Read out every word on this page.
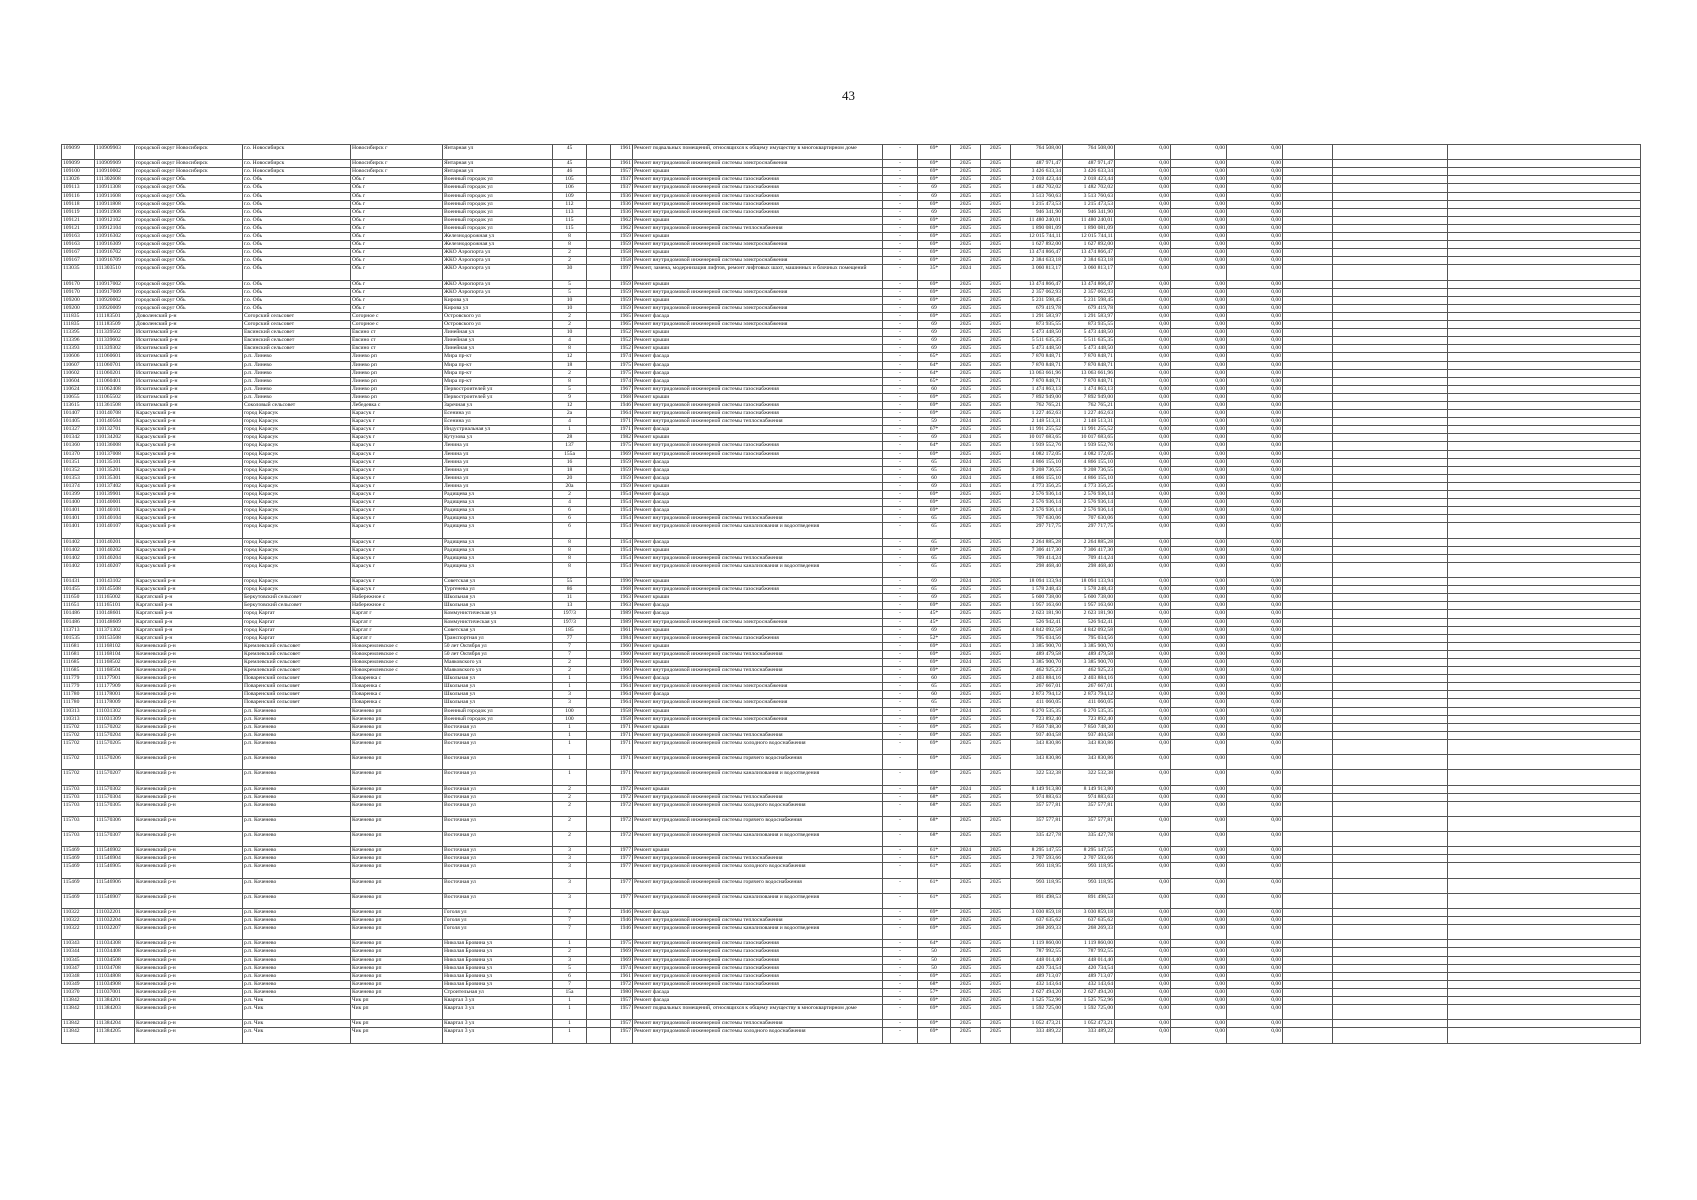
43
109099	110909903	городской округ Новосибирск	г.о. Новосибирск	Новосибирск г	Янтарная ул	45		1961	Ремонт подвальных помещений, относящихся к общему имуществу в многоквартирном доме	-	69*	2025	2025	764 508,00	764 508,00	0,00	0,00	0,00			
109099	110909909	городской округ Новосибирск	г.о. Новосибирск	Новосибирск г	Янтарная ул	45		1961	Ремонт внутридомовой инженерной системы электроснабжения	-	69*	2025	2025	487 971,47	487 971,47	0,00	0,00	0,00			
109100	110910002	городской округ Новосибирск	г.о. Новосибирск	Новосибирск г	Янтарная ул	46		1957	Ремонт крыши	-	69*	2025	2025	3 426 633,34	3 426 633,34	0,00	0,00	0,00			
113026	111302608	городской округ Обь	г.о. Обь	Обь г	Военный городок ул	105		1937	Ремонт внутридомовой инженерной системы газоснабжения	-	69*	2025	2025	2 018 423,44	2 018 423,44	0,00	0,00	0,00			
109113	110911308	городской округ Обь	г.о. Обь	Обь г	Военный городок ул	106		1937	Ремонт внутридомовой инженерной системы газоснабжения	-	69	2025	2025	1 482 702,02	1 482 702,02	0,00	0,00	0,00			
109116	110911608	городской округ Обь	г.о. Обь	Обь г	Военный городок ул	109		1936	Ремонт внутридомовой инженерной системы газоснабжения	-	69	2025	2025	3 513 760,63	3 513 760,63	0,00	0,00	0,00			
109118	110911808	городской округ Обь	г.о. Обь	Обь г	Военный городок ул	112		1936	Ремонт внутридомовой инженерной системы газоснабжения	-	69*	2025	2025	1 215 473,53	1 215 473,53	0,00	0,00	0,00			
109119	110911908	городской округ Обь	г.о. Обь	Обь г	Военный городок ул	113		1936	Ремонт внутридомовой инженерной системы газоснабжения	-	69	2025	2025	946 341,90	946 341,90	0,00	0,00	0,00			
109121	110912102	городской округ Обь	г.о. Обь	Обь г	Военный городок ул	115		1962	Ремонт крыши	-	69*	2025	2025	11 480 240,01	11 480 240,01	0,00	0,00	0,00			
109121	110912104	городской округ Обь	г.о. Обь	Обь г	Военный городок ул	115		1962	Ремонт внутридомовой инженерной системы теплоснабжения	-	69*	2025	2025	1 890 081,09	1 890 081,09	0,00	0,00	0,00			
109163	110916302	городской округ Обь	г.о. Обь	Обь г	Железнодорожная ул	8		1959	Ремонт крыши	-	69*	2025	2025	12 015 744,11	12 015 744,11	0,00	0,00	0,00			
109163	110916309	городской округ Обь	г.о. Обь	Обь г	Железнодорожная ул	8		1959	Ремонт внутридомовой инженерной системы электроснабжения	-	69*	2025	2025	1 627 892,00	1 627 892,00	0,00	0,00	0,00			
109167	110916702	городской округ Обь	г.о. Обь	Обь г	ЖКО Аэропорта ул	2		1958	Ремонт крыши	-	69*	2025	2025	13 474 866,47	13 474 866,47	0,00	0,00	0,00			
109167	110916709	городской округ Обь	г.о. Обь	Обь г	ЖКО Аэропорта ул	2		1958	Ремонт внутридомовой инженерной системы электроснабжения	-	69*	2025	2025	2 384 633,18	2 384 633,18	0,00	0,00	0,00			
113035	111303510	городской округ Обь	г.о. Обь	Обь г	ЖКО Аэропорта ул	30		1997	Ремонт, замена, модернизация лифтов, ремонт лифтовых шахт, машинных и блочных помещений	-	35*	2024	2025	3 060 813,17	3 060 813,17	0,00	0,00	0,00			
109170	110917002	городской округ Обь	г.о. Обь	Обь г	ЖКО Аэропорта ул	5		1959	Ремонт крыши	-	69*	2025	2025	13 474 866,47	13 474 866,47	0,00	0,00	0,00			
109170	110917009	городской округ Обь	г.о. Обь	Обь г	ЖКО Аэропорта ул	5		1959	Ремонт внутридомовой инженерной системы электроснабжения	-	69*	2025	2025	2 357 062,93	2 357 062,93	0,00	0,00	0,00			
109200	110920002	городской округ Обь	г.о. Обь	Обь г	Кирова ул	10		1959	Ремонт крыши	-	69*	2025	2025	5 231 598,45	5 231 598,45	0,00	0,00	0,00			
109200	110920009	городской округ Обь	г.о. Обь	Обь г	Кирова ул	10		1959	Ремонт внутридомовой инженерной системы электроснабжения	-	69	2025	2025	679 419,78	679 419,78	0,00	0,00	0,00			
111835	111183501	Доволенский р-н	Согорский сельсовет	Согорное с	Островского ул	2		1965	Ремонт фасада	-	69*	2025	2025	1 291 583,97	1 291 583,97	0,00	0,00	0,00			
111835	111183509	Доволенский р-н	Согорский сельсовет	Согорное с	Островского ул	2		1965	Ремонт внутридомовой инженерной системы электроснабжения	-	69	2025	2025	873 935,55	873 935,55	0,00	0,00	0,00			
113395	111339502	Искитимский р-н	Евсинский сельсовет	Евсино ст	Линейная ул	10		1952	Ремонт крыши	-	69	2025	2025	5 473 448,50	5 473 448,50	0,00	0,00	0,00			
113396	111339602	Искитимский р-н	Евсинский сельсовет	Евсино ст	Линейная ул	4		1952	Ремонт крыши	-	69	2025	2025	5 511 635,35	5 511 635,35	0,00	0,00	0,00			
113393	111339302	Искитимский р-н	Евсинский сельсовет	Евсино ст	Линейная ул	8		1952	Ремонт крыши	-	69	2025	2025	5 473 448,50	5 473 448,50	0,00	0,00	0,00			
110606	111060601	Искитимский р-н	р.п. Линево	Линево рп	Мира пр-кт	12		1974	Ремонт фасада	-	65*	2025	2025	7 870 848,71	7 870 848,71	0,00	0,00	0,00			
110607	111060701	Искитимский р-н	р.п. Линево	Линево рп	Мира пр-кт	18		1975	Ремонт фасада	-	64*	2025	2025	7 870 848,71	7 870 848,71	0,00	0,00	0,00			
110602	111060201	Искитимский р-н	р.п. Линево	Линево рп	Мира пр-кт	2		1975	Ремонт фасада	-	64*	2025	2025	13 063 661,96	13 063 661,96	0,00	0,00	0,00			
110604	111060401	Искитимский р-н	р.п. Линево	Линево рп	Мира пр-кт	8		1974	Ремонт фасада	-	65*	2025	2025	7 870 848,71	7 870 848,71	0,00	0,00	0,00			
110624	111062408	Искитимский р-н	р.п. Линево	Линево рп	Первостроителей ул	5		1967	Ремонт внутридомовой инженерной системы газоснабжения	-	60	2025	2025	1 474 863,13	1 474 863,13	0,00	0,00	0,00			
110655	111065502	Искитимский р-н	р.п. Линево	Линево рп	Первостроителей ул	9		1968	Ремонт крыши	-	69*	2025	2025	7 892 949,00	7 892 949,00	0,00	0,00	0,00			
113615	111361508	Искитимский р-н	Соколовый сельсовет	Лебедевка с	Заречная ул	12		1946	Ремонт внутридомовой инженерной системы газоснабжения	-	69*	2025	2025	762 765,21	762 765,21	0,00	0,00	0,00			
101407	110140708	Карасукский р-н	город Карасук	Карасук г	Есенина ул	2а		1964	Ремонт внутридомовой инженерной системы газоснабжения	-	69*	2025	2025	1 227 462,63	1 227 462,63	0,00	0,00	0,00			
101405	110140504	Карасукский р-н	город Карасук	Карасук г	Есенина ул	4		1971	Ремонт внутридомовой инженерной системы теплоснабжения	-	59	2024	2025	2 148 513,31	2 148 513,31	0,00	0,00	0,00			
101327	110132701	Карасукский р-н	город Карасук	Карасук г	Индустриальная ул	1		1971	Ремонт фасада	-	67*	2025	2025	11 991 255,52	11 991 255,52	0,00	0,00	0,00			
101342	110134202	Карасукский р-н	город Карасук	Карасук г	Кутузова ул	28		1982	Ремонт крыши	-	69	2024	2025	10 017 683,65	10 017 683,65	0,00	0,00	0,00			
101360	110136008	Карасукский р-н	город Карасук	Карасук г	Ленина ул	137		1975	Ремонт внутридомовой инженерной системы газоснабжения	-	64*	2025	2025	1 939 552,76	1 939 552,76	0,00	0,00	0,00			
101370	110137008	Карасукский р-н	город Карасук	Карасук г	Ленина ул	155а		1969	Ремонт внутридомовой инженерной системы газоснабжения	-	69*	2025	2025	4 082 172,05	4 082 172,05	0,00	0,00	0,00			
101351	110135101	Карасукский р-н	город Карасук	Карасук г	Ленина ул	16		1959	Ремонт фасада	-	65	2024	2025	4 866 155,10	4 866 155,10	0,00	0,00	0,00			
101352	110135201	Карасукский р-н	город Карасук	Карасук г	Ленина ул	18		1959	Ремонт фасада	-	65	2024	2025	9 208 736,55	9 208 736,55	0,00	0,00	0,00			
101353	110135301	Карасукский р-н	город Карасук	Карасук г	Ленина ул	20		1959	Ремонт фасада	-	60	2024	2025	4 866 155,10	4 866 155,10	0,00	0,00	0,00			
101374	110137402	Карасукский р-н	город Карасук	Карасук г	Ленина ул	20а		1959	Ремонт крыши	-	69	2024	2025	4 773 356,25	4 773 356,25	0,00	0,00	0,00			
101399	110139901	Карасукский р-н	город Карасук	Карасук г	Радищева ул	2		1954	Ремонт фасада	-	69*	2025	2025	2 576 936,14	2 576 936,14	0,00	0,00	0,00			
101400	110140001	Карасукский р-н	город Карасук	Карасук г	Радищева ул	4		1954	Ремонт фасада	-	69*	2025	2025	2 576 936,14	2 576 936,14	0,00	0,00	0,00			
101401	110140101	Карасукский р-н	город Карасук	Карасук г	Радищева ул	6		1954	Ремонт фасада	-	69*	2025	2025	2 576 936,14	2 576 936,14	0,00	0,00	0,00			
101401	110140104	Карасукский р-н	город Карасук	Карасук г	Радищева ул	6		1954	Ремонт внутридомовой инженерной системы теплоснабжения	-	65	2025	2025	707 630,06	707 630,06	0,00	0,00	0,00			
101401	110140107	Карасукский р-н	город Карасук	Карасук г	Радищева ул	6		1954	Ремонт внутридомовой инженерной системы канализования и водоотведения	-	65	2025	2025	297 717,75	297 717,75	0,00	0,00	0,00			
101402	110140201	Карасукский р-н	город Карасук	Карасук г	Радищева ул	8		1954	Ремонт фасада	-	65	2025	2025	2 264 885,28	2 264 885,28	0,00	0,00	0,00			
101402	110140202	Карасукский р-н	город Карасук	Карасук г	Радищева ул	8		1954	Ремонт крыши	-	69*	2025	2025	7 306 417,30	7 306 417,30	0,00	0,00	0,00			
101402	110140204	Карасукский р-н	город Карасук	Карасук г	Радищева ул	8		1954	Ремонт внутридомовой инженерной системы теплоснабжения	-	65	2025	2025	709 414,24	709 414,24	0,00	0,00	0,00			
101402	110140207	Карасукский р-н	город Карасук	Карасук г	Радищева ул	8		1954	Ремонт внутридомовой инженерной системы канализования и водоотведения	-	65	2025	2025	298 468,40	298 468,40	0,00	0,00	0,00			
101431	110143102	Карасукский р-н	город Карасук	Карасук г	Советская ул	55		1996	Ремонт крыши	-	69	2024	2025	18 094 133,94	18 094 133,94	0,00	0,00	0,00			
101455	110145508	Карасукский р-н	город Карасук	Карасук г	Тургенева ул	86		1968	Ремонт внутридомовой инженерной системы газоснабжения	-	65	2025	2025	1 578 248,43	1 578 248,43	0,00	0,00	0,00			
111650	111165002	Каргатский р-н	Беркутовский сельсовет	Набережное с	Школьная ул	11		1963	Ремонт крыши	-	69	2025	2025	5 600 738,00	5 600 738,00	0,00	0,00	0,00			
111651	111165101	Каргатский р-н	Беркутовский сельсовет	Набережное с	Школьная ул	13		1963	Ремонт фасада	-	69*	2025	2025	1 957 163,60	1 957 163,60	0,00	0,00	0,00			
101486	110148601	Каргатский р-н	город Каргат	Каргат г	Коммунистическая ул	197/3		1989	Ремонт фасада	-	45*	2025	2025	2 623 181,90	2 623 181,90	0,00	0,00	0,00			
101486	110148609	Каргатский р-н	город Каргат	Каргат г	Коммунистическая ул	197/3		1989	Ремонт внутридомовой инженерной системы электроснабжения	-	45*	2025	2025	526 942,41	526 942,41	0,00	0,00	0,00			
113713	111371302	Каргатский р-н	город Каргат	Каргат г	Советская ул	185		1961	Ремонт крыши	-	69	2025	2025	4 842 092,58	4 842 092,58	0,00	0,00	0,00			
101535	110153508	Каргатский р-н	город Каргат	Каргат г	Транспортная ул	77		1984	Ремонт внутридомовой инженерной системы газоснабжения	-	52*	2025	2025	795 034,56	795 034,56	0,00	0,00	0,00			
111681	111168102	Коченевский р-н	Кремлевский сельсовет	Новокремлевское с	50 лет Октября ул	7		1960	Ремонт крыши	-	69*	2024	2025	3 385 900,70	3 385 900,70	0,00	0,00	0,00			
111681	111168104	Коченевский р-н	Кремлевский сельсовет	Новокремлевское с	50 лет Октября ул	7		1960	Ремонт внутридомовой инженерной системы теплоснабжения	-	69*	2025	2025	489 479,58	489 479,58	0,00	0,00	0,00			
111685	111168502	Коченевский р-н	Кремлевский сельсовет	Новокремлевское с	Маяковского ул	2		1960	Ремонт крыши	-	69*	2024	2025	3 385 900,70	3 385 900,70	0,00	0,00	0,00			
111685	111168504	Коченевский р-н	Кремлевский сельсовет	Новокремлевское с	Маяковского ул	2		1960	Ремонт внутридомовой инженерной системы теплоснабжения	-	69*	2025	2025	462 925,23	462 925,23	0,00	0,00	0,00			
111779	111177901	Коченевский р-н	Поваренский сельсовет	Поваренка с	Школьная ул	1		1964	Ремонт фасада	-	60	2025	2025	2 403 884,16	2 403 884,16	0,00	0,00	0,00			
111779	111177909	Коченевский р-н	Поваренский сельсовет	Поваренка с	Школьная ул	1		1964	Ремонт внутридомовой инженерной системы электроснабжения	-	65	2025	2025	267 667,01	267 667,01	0,00	0,00	0,00			
111780	111178001	Коченевский р-н	Поваренский сельсовет	Поваренка с	Школьная ул	3		1964	Ремонт фасада	-	60	2025	2025	2 873 794,12	2 873 794,12	0,00	0,00	0,00			
111780	111178009	Коченевский р-н	Поваренский сельсовет	Поваренка с	Школьная ул	3		1964	Ремонт внутридомовой инженерной системы электроснабжения	-	65	2025	2025	411 060,05	411 060,05	0,00	0,00	0,00			
110313	111031302	Коченевский р-н	р.п. Коченево	Коченево рп	Военный городок ул	100		1958	Ремонт крыши	-	69*	2024	2025	6 270 535,35	6 270 535,35	0,00	0,00	0,00			
110313	111031309	Коченевский р-н	р.п. Коченево	Коченево рп	Военный городок ул	100		1958	Ремонт внутридомовой инженерной системы электроснабжения	-	69*	2025	2025	723 892,40	723 892,40	0,00	0,00	0,00			
115702	111570202	Коченевский р-н	р.п. Коченево	Коченево рп	Восточная ул	1		1971	Ремонт крыши	-	69*	2025	2025	7 850 748,30	7 850 748,30	0,00	0,00	0,00			
115702	111570204	Коченевский р-н	р.п. Коченево	Коченево рп	Восточная ул	1		1971	Ремонт внутридомовой инженерной системы теплоснабжения	-	69*	2025	2025	937 404,58	937 404,58	0,00	0,00	0,00			
115702	111570205	Коченевский р-н	р.п. Коченево	Коченево рп	Восточная ул	1		1971	Ремонт внутридомовой инженерной системы холодного водоснабжения	-	69*	2025	2025	343 830,86	343 830,86	0,00	0,00	0,00			
115702	111570206	Коченевский р-н	р.п. Коченево	Коченево рп	Восточная ул	1		1971	Ремонт внутридомовой инженерной системы горячего водоснабжения	-	69*	2025	2025	343 830,86	343 830,86	0,00	0,00	0,00			
115702	111570207	Коченевский р-н	р.п. Коченево	Коченево рп	Восточная ул	1		1971	Ремонт внутридомовой инженерной системы канализования и водоотведения	-	69*	2025	2025	322 532,38	322 532,38	0,00	0,00	0,00			
115703	111570302	Коченевский р-н	р.п. Коченево	Коченево рп	Восточная ул	2		1972	Ремонт крыши	-	68*	2024	2025	8 149 913,80	8 149 913,80	0,00	0,00	0,00			
115703	111570304	Коченевский р-н	р.п. Коченево	Коченево рп	Восточная ул	2		1972	Ремонт внутридомовой инженерной системы теплоснабжения	-	68*	2025	2025	974 883,63	974 883,63	0,00	0,00	0,00			
115703	111570305	Коченевский р-н	р.п. Коченево	Коченево рп	Восточная ул	2		1972	Ремонт внутридомовой инженерной системы холодного водоснабжения	-	68*	2025	2025	357 577,81	357 577,81	0,00	0,00	0,00			
115703	111570306	Коченевский р-н	р.п. Коченево	Коченево рп	Восточная ул	2		1972	Ремонт внутридомовой инженерной системы горячего водоснабжения	-	68*	2025	2025	357 577,81	357 577,81	0,00	0,00	0,00			
115703	111570307	Коченевский р-н	р.п. Коченево	Коченево рп	Восточная ул	2		1972	Ремонт внутридомовой инженерной системы канализования и водоотведения	-	68*	2025	2025	335 427,78	335 427,78	0,00	0,00	0,00			
115469	111546902	Коченевский р-н	р.п. Коченево	Коченево рп	Восточная ул	3		1977	Ремонт крыши	-	61*	2024	2025	8 295 147,55	8 295 147,55	0,00	0,00	0,00			
115469	111546904	Коченевский р-н	р.п. Коченево	Коченево рп	Восточная ул	3		1977	Ремонт внутридомовой инженерной системы теплоснабжения	-	61*	2025	2025	2 707 593,66	2 707 593,66	0,00	0,00	0,00			
115469	111546905	Коченевский р-н	р.п. Коченево	Коченево рп	Восточная ул	3		1977	Ремонт внутридомовой инженерной системы холодного водоснабжения	-	61*	2025	2025	993 118,95	993 118,95	0,00	0,00	0,00			
115469	111546906	Коченевский р-н	р.п. Коченево	Коченево рп	Восточная ул	3		1977	Ремонт внутридомовой инженерной системы горячего водоснабжения	-	61*	2025	2025	993 118,95	993 118,95	0,00	0,00	0,00			
115469	111546907	Коченевский р-н	р.п. Коченево	Коченево рп	Восточная ул	3		1977	Ремонт внутридомовой инженерной системы канализования и водоотведения	-	61*	2025	2025	891 498,53	891 498,53	0,00	0,00	0,00			
110322	111032201	Коченевский р-н	р.п. Коченево	Коченево рп	Гоголя ул	7		1946	Ремонт фасада	-	69*	2025	2025	3 030 859,18	3 030 859,18	0,00	0,00	0,00			
110322	111032204	Коченевский р-н	р.п. Коченево	Коченево рп	Гоголя ул	7		1946	Ремонт внутридомовой инженерной системы теплоснабжения	-	69*	2025	2025	637 635,62	637 635,62	0,00	0,00	0,00			
110322	111032207	Коченевский р-н	р.п. Коченево	Коченево рп	Гоголя ул	7		1946	Ремонт внутридомовой инженерной системы канализования и водоотведения	-	69*	2025	2025	268 269,33	268 269,33	0,00	0,00	0,00			
110343	111034308	Коченевский р-н	р.п. Коченево	Коченево рп	Николая Бровина ул	1		1975	Ремонт внутридомовой инженерной системы газоснабжения	-	64*	2025	2025	1 119 860,00	1 119 860,00	0,00	0,00	0,00			
110344	111034408	Коченевский р-н	р.п. Коченево	Коченево рп	Николая Бровина ул	2		1969	Ремонт внутридомовой инженерной системы газоснабжения	-	50	2025	2025	787 992,55	787 992,55	0,00	0,00	0,00			
110345	111034508	Коченевский р-н	р.п. Коченево	Коченево рп	Николая Бровина ул	3		1969	Ремонт внутридомовой инженерной системы газоснабжения	-	50	2025	2025	448 014,40	448 014,40	0,00	0,00	0,00			
110347	111034708	Коченевский р-н	р.п. Коченево	Коченево рп	Николая Бровина ул	5		1974	Ремонт внутридомовой инженерной системы газоснабжения	-	50	2025	2025	420 734,54	420 734,54	0,00	0,00	0,00			
110348	111034808	Коченевский р-н	р.п. Коченево	Коченево рп	Николая Бровина ул	6		1961	Ремонт внутридомовой инженерной системы газоснабжения	-	69*	2025	2025	489 713,07	489 713,07	0,00	0,00	0,00			
110349	111034908	Коченевский р-н	р.п. Коченево	Коченево рп	Николая Бровина ул	7		1972	Ремонт внутридомовой инженерной системы газоснабжения	-	68*	2025	2025	432 143,64	432 143,64	0,00	0,00	0,00			
110370	111037001	Коченевский р-н	р.п. Коченево	Коченево рп	Строительная ул	15а		1980	Ремонт фасада	-	57*	2025	2025	2 627 494,20	2 627 494,20	0,00	0,00	0,00			
113842	111384201	Коченевский р-н	р.п. Чик	Чик рп	Квартал 3 ул	1		1957	Ремонт фасада	-	69*	2025	2025	1 525 752,96	1 525 752,96	0,00	0,00	0,00			
113842	111384203	Коченевский р-н	р.п. Чик	Чик рп	Квартал 3 ул	1		1957	Ремонт подвальных помещений, относящихся к общему имуществу в многоквартирном доме	-	69*	2025	2025	1 592 725,00	1 592 725,00	0,00	0,00	0,00			
113842	111384204	Коченевский р-н	р.п. Чик	Чик рп	Квартал 3 ул	1		1957	Ремонт внутридомовой инженерной системы теплоснабжения	-	69*	2025	2025	1 052 473,21	1 052 473,21	0,00	0,00	0,00			
113842	111384205	Коченевский р-н	р.п. Чик	Чик рп	Квартал 3 ул	1		1957	Ремонт внутридомовой инженерной системы холодного водоснабжения	-	69*	2025	2025	333 489,22	333 489,22	0,00	0,00	0,00			
